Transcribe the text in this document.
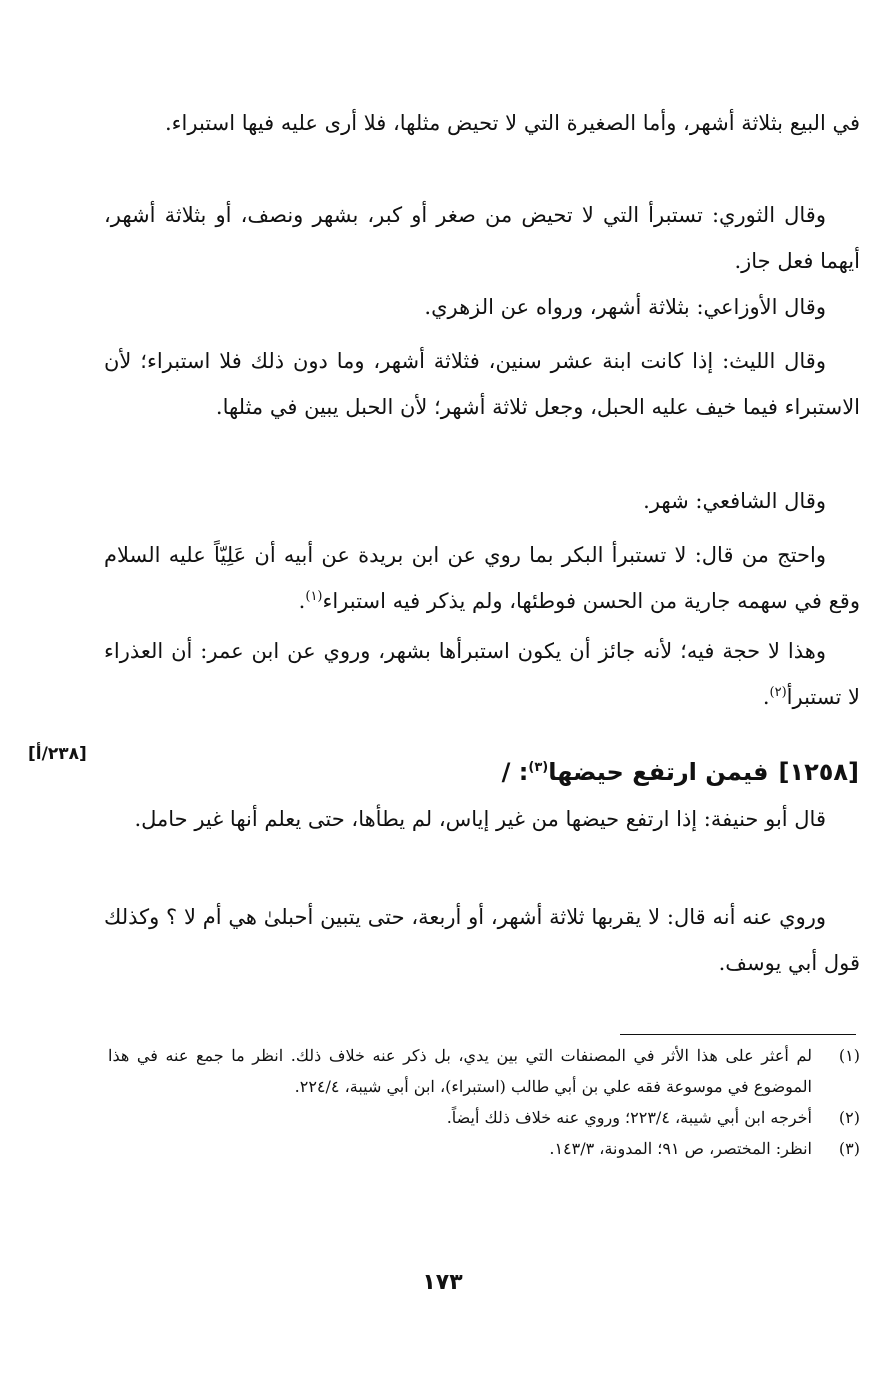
في البيع بثلاثة أشهر، وأما الصغيرة التي لا تحيض مثلها، فلا أرى عليه فيها استبراء.

وقال الثوري: تستبرأ التي لا تحيض من صغر أو كبر، بشهر ونصف، أو بثلاثة أشهر، أيهما فعل جاز.

وقال الأوزاعي: بثلاثة أشهر، ورواه عن الزهري.

وقال الليث: إذا كانت ابنة عشر سنين، فثلاثة أشهر، وما دون ذلك فلا استبراء؛ لأن الاستبراء فيما خيف عليه الحبل، وجعل ثلاثة أشهر؛ لأن الحبل يبين في مثلها.

وقال الشافعي: شهر.

واحتج من قال: لا تستبرأ البكر بما روي عن ابن بريدة عن أبيه أن عَلِيّاً عليه السلام وقع في سهمه جارية من الحسن فوطئها، ولم يذكر فيه استبراء$^{(١)}$.

وهذا لا حجة فيه؛ لأنه جائز أن يكون استبرأها بشهر، وروي عن ابن عمر: أن العذراء لا تستبرأ$^{(٢)}$.

[٢٣٨/أ]
[١٢٥٨]فيمن ارتفع حيضها$^{(٣)}$: /

قال أبو حنيفة: إذا ارتفع حيضها من غير إياس، لم يطأها، حتى يعلم أنها غير حامل.

وروي عنه أنه قال: لا يقربها ثلاثة أشهر، أو أربعة، حتى يتبين أحبلىٰ هي أم لا ؟ وكذلك قول أبي يوسف.

(١)
لم أعثر على هذا الأثر في المصنفات التي بين يدي، بل ذكر عنه خلاف ذلك. انظر ما جمع عنه في هذا الموضوع في موسوعة فقه علي بن أبي طالب (استبراء)، ابن أبي شيبة، ٢٢٤/٤.
(٢)
أخرجه ابن أبي شيبة، ٢٢٣/٤؛ وروي عنه خلاف ذلك أيضاً.
(٣)
انظر: المختصر، ص ٩١؛ المدونة، ١٤٣/٣.
١٧٣
